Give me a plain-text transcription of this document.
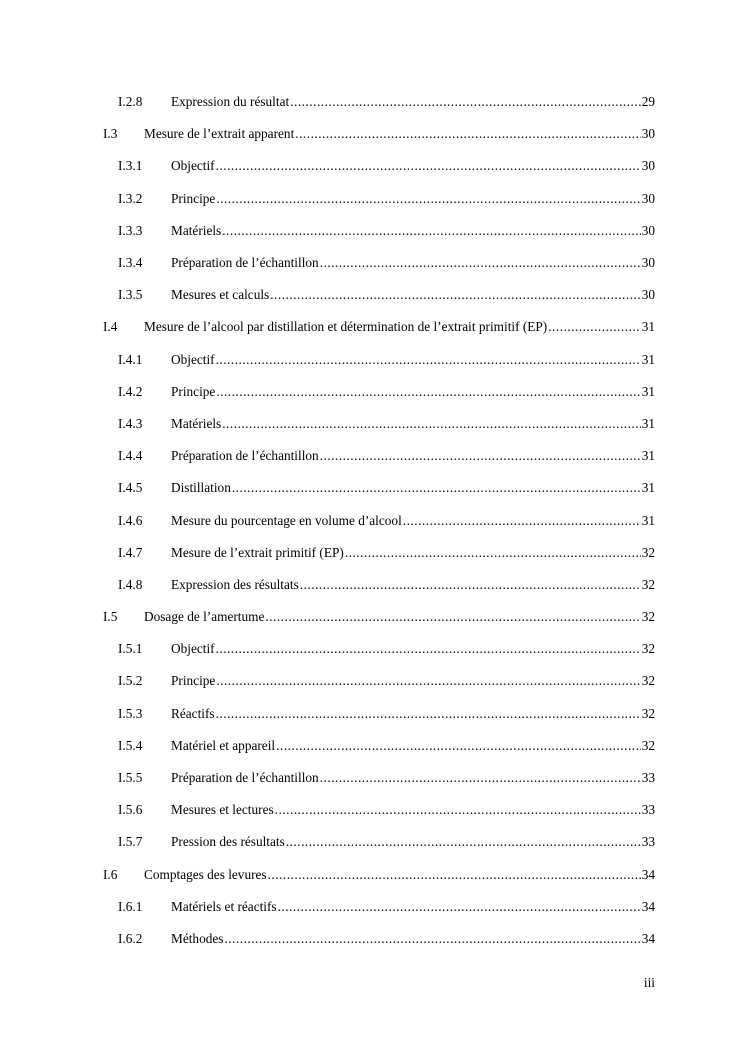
I.2.8 Expression du résultat .....	29
I.3 Mesure de l’extrait apparent .....	30
I.3.1 Objectif .....	30
I.3.2 Principe .....	30
I.3.3 Matériels .....	30
I.3.4 Préparation de l’échantillon .....	30
I.3.5 Mesures et calculs .....	30
I.4 Mesure de l’alcool par distillation et détermination de l’extrait primitif (EP) .....	31
I.4.1 Objectif .....	31
I.4.2 Principe .....	31
I.4.3 Matériels .....	31
I.4.4 Préparation de l’échantillon .....	31
I.4.5 Distillation .....	31
I.4.6 Mesure du pourcentage en volume d’alcool .....	31
I.4.7 Mesure de l’extrait primitif (EP) .....	32
I.4.8 Expression des résultats .....	32
I.5 Dosage de l’amertume .....	32
I.5.1 Objectif .....	32
I.5.2 Principe .....	32
I.5.3 Réactifs .....	32
I.5.4 Matériel et appareil .....	32
I.5.5 Préparation de l’échantillon .....	33
I.5.6 Mesures et lectures .....	33
I.5.7 Pression des résultats .....	33
I.6 Comptages des levures .....	34
I.6.1 Matériels et réactifs .....	34
I.6.2 Méthodes .....	34
iii
